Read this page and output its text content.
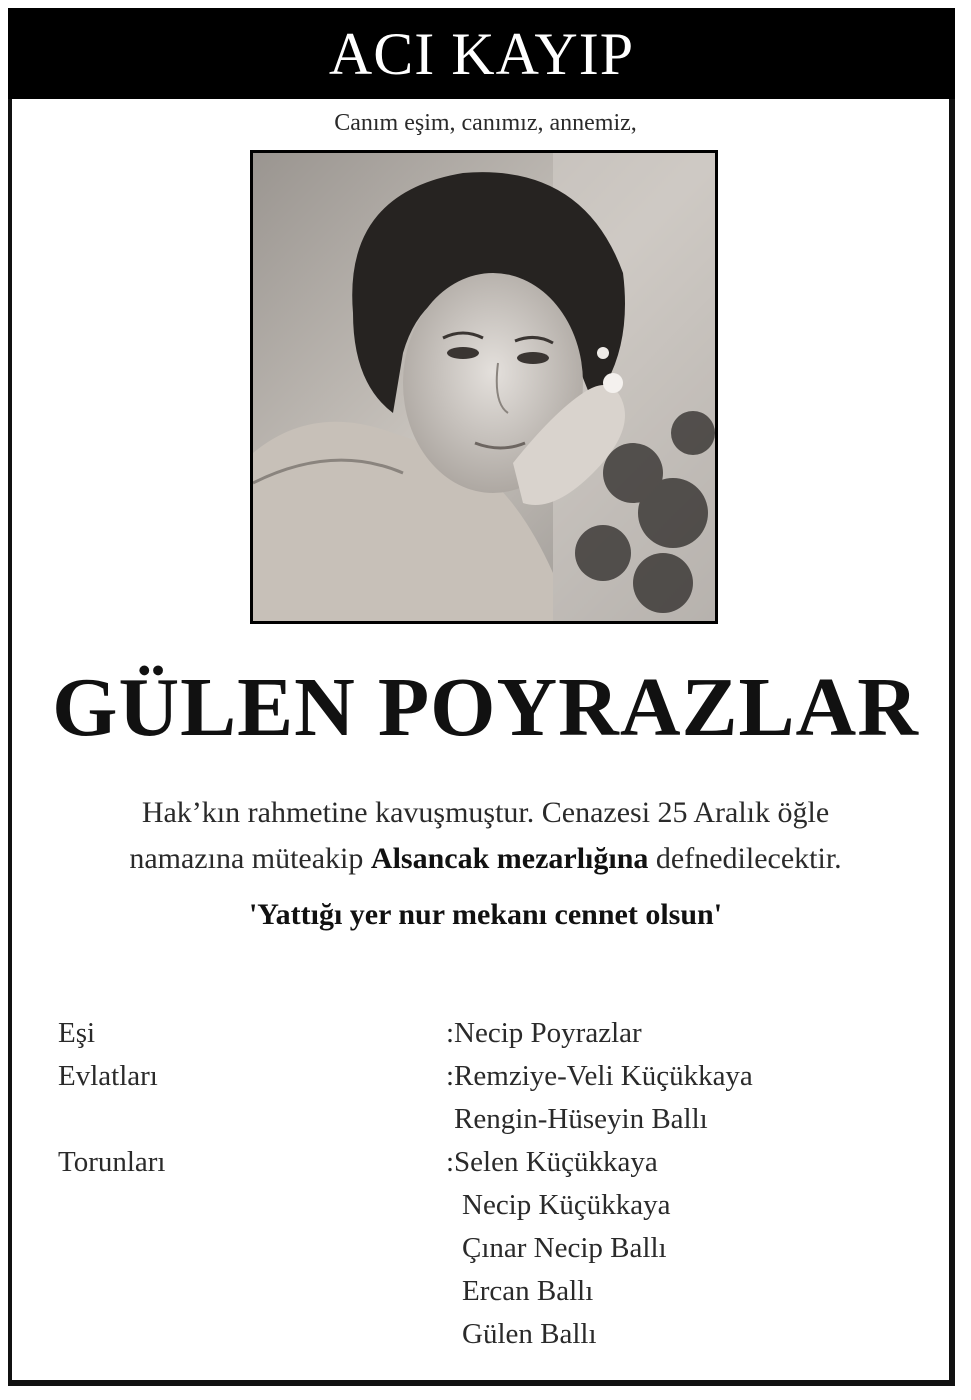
ACI KAYIP
Canım eşim, canımız, annemiz,
GÜLEN POYRAZLAR
Hak’kın rahmetine kavuşmuştur. Cenazesi 25 Aralık öğle
namazına müteakip Alsancak mezarlığına defnedilecektir.
'Yattığı yer nur mekanı cennet olsun'
Eşi	:Necip Poyrazlar
Evlatları	:Remziye-Veli Küçükkaya
Rengin-Hüseyin Ballı
Torunları	:Selen Küçükkaya
Necip Küçükkaya
Çınar Necip Ballı
Ercan Ballı
Gülen Ballı
